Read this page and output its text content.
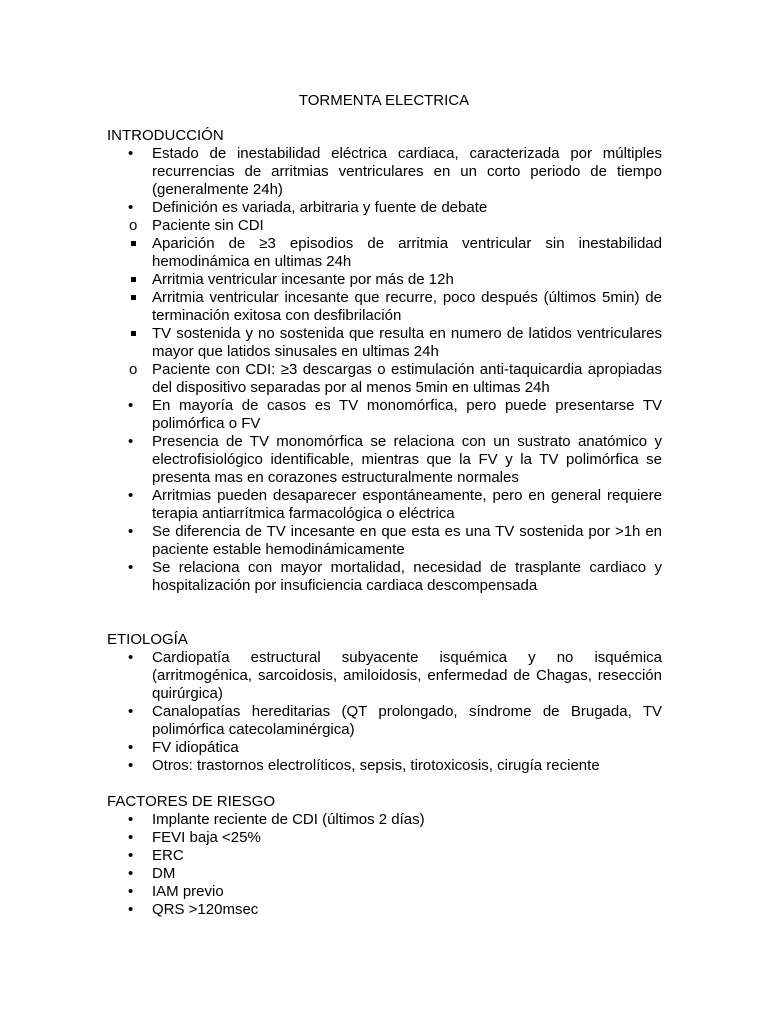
TORMENTA ELECTRICA
INTRODUCCIÓN
• Estado de inestabilidad eléctrica cardiaca, caracterizada por múltiples recurrencias de arritmias ventriculares en un corto periodo de tiempo (generalmente 24h)
• Definición es variada, arbitraria y fuente de debate
o Paciente sin CDI
Aparición de ≥3 episodios de arritmia ventricular sin inestabilidad hemodinámica en ultimas 24h
Arritmia ventricular incesante por más de 12h
Arritmia ventricular incesante que recurre, poco después (últimos 5min) de terminación exitosa con desfibrilación
TV sostenida y no sostenida que resulta en numero de latidos ventriculares mayor que latidos sinusales en ultimas 24h
o Paciente con CDI: ≥3 descargas o estimulación anti-taquicardia apropiadas del dispositivo separadas por al menos 5min en ultimas 24h
• En mayoría de casos es TV monomórfica, pero puede presentarse TV polimórfica o FV
• Presencia de TV monomórfica se relaciona con un sustrato anatómico y electrofisiológico identificable, mientras que la FV y la TV polimórfica se presenta mas en corazones estructuralmente normales
• Arritmias pueden desaparecer espontáneamente, pero en general requiere terapia antiarrítmica farmacológica o eléctrica
• Se diferencia de TV incesante en que esta es una TV sostenida por >1h en paciente estable hemodinámicamente
• Se relaciona con mayor mortalidad, necesidad de trasplante cardiaco y hospitalización por insuficiencia cardiaca descompensada
ETIOLOGÍA
• Cardiopatía estructural subyacente isquémica y no isquémica (arritmogénica, sarcoidosis, amiloidosis, enfermedad de Chagas, resección quirúrgica)
• Canalopatías hereditarias (QT prolongado, síndrome de Brugada, TV polimórfica catecolaminérgica)
• FV idiopática
• Otros: trastornos electrolíticos, sepsis, tirotoxicosis, cirugía reciente
FACTORES DE RIESGO
• Implante reciente de CDI (últimos 2 días)
• FEVI baja <25%
• ERC
• DM
• IAM previo
• QRS >120msec
